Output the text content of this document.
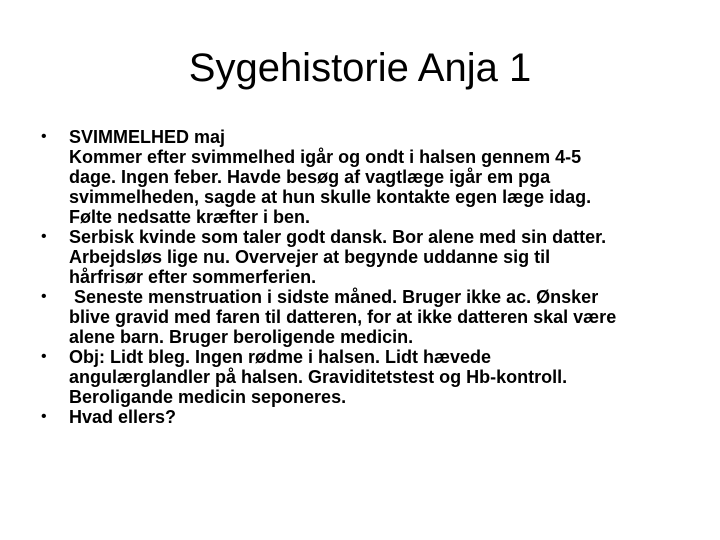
Sygehistorie Anja 1
• SVIMMELHED maj
Kommer efter svimmelhed igår og ondt i halsen gennem 4-5
dage. Ingen feber. Havde besøg af vagtlæge igår em pga
svimmelheden, sagde at hun skulle kontakte egen læge idag.
Følte nedsatte kræfter i ben.
• Serbisk kvinde som taler godt dansk. Bor alene med sin datter.
Arbejdsløs lige nu. Overvejer at begynde uddanne sig til
hårfrisør efter sommerferien.
• Seneste menstruation i sidste måned. Bruger ikke ac. Ønsker
blive gravid med faren til datteren, for at ikke datteren skal være
alene barn. Bruger beroligende medicin.
• Obj: Lidt bleg. Ingen rødme i halsen. Lidt hævede
angulærglandler på halsen. Graviditetstest og Hb-kontroll.
Beroligande medicin seponeres.
• Hvad ellers?
